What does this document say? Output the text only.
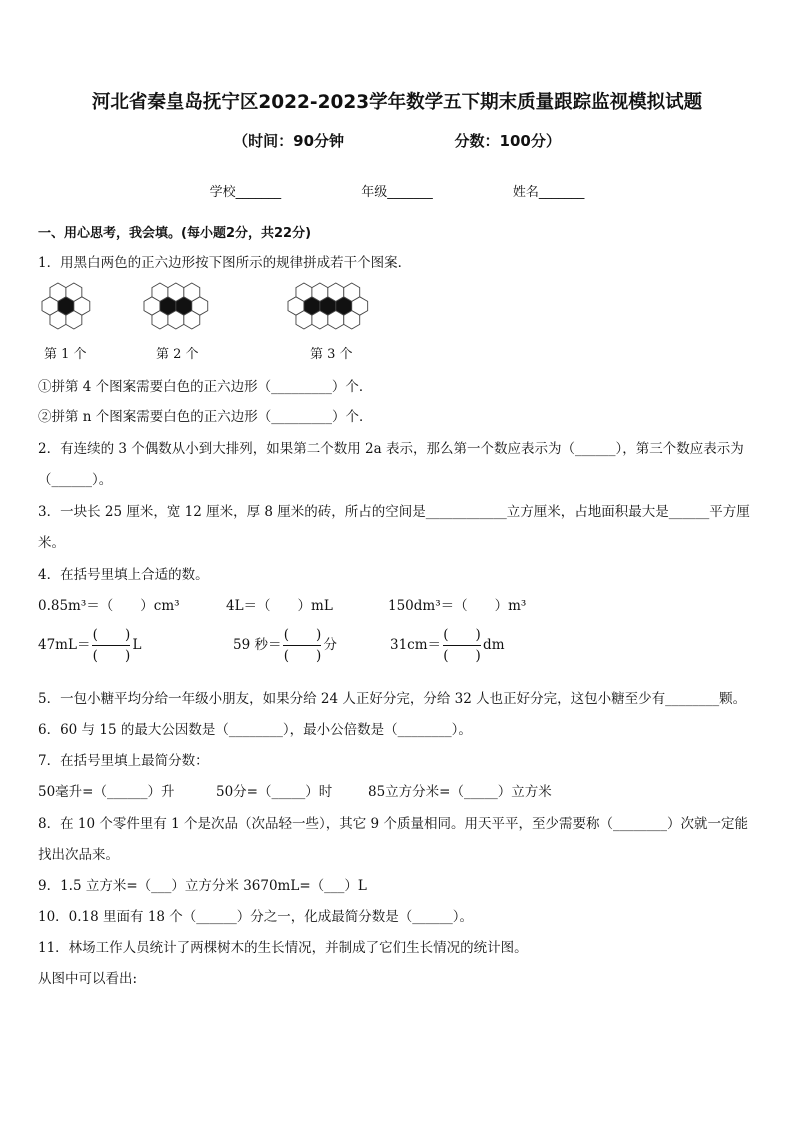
河北省秦皇岛抚宁区2022-2023学年数学五下期末质量跟踪监视模拟试题
（时间：90分钟	分数：100分）
学校_______	年级_______	姓名_______
一、用心思考，我会填。(每小题2分，共22分)
1．用黑白两色的正六边形按下图所示的规律拼成若干个图案．
第 1 个	第 2 个	第 3 个
①拼第 4 个图案需要白色的正六边形（_________）个．
②拼第 n 个图案需要白色的正六边形（_________）个．
2．有连续的 3 个偶数从小到大排列，如果第二个数用 2a 表示，那么第一个数应表示为（______），第三个数应表示为
（______）。
3．一块长 25 厘米，宽 12 厘米，厚 8 厘米的砖，所占的空间是____________立方厘米，占地面积最大是______平方厘
米。
4．在括号里填上合适的数。
0.85m³＝（　　）cm³	4L＝（　　）mL	150dm³＝（　　）m³
47mL＝
(　　)
(　　)
L	59 秒＝
(　　)
(　　)
分	31cm＝
(　　)
(　　)
dm
5．一包小糖平均分给一年级小朋友，如果分给 24 人正好分完，分给 32 人也正好分完，这包小糖至少有________颗。
6．60 与 15 的最大公因数是（________），最小公倍数是（________）。
7．在括号里填上最简分数：
50毫升=（______）升	50分=（_____）时	85立方分米=（_____）立方米
8．在 10 个零件里有 1 个是次品（次品轻一些），其它 9 个质量相同。用天平平，至少需要称（________）次就一定能
找出次品来。
9．1.5 立方米=（___）立方分米 3670mL=（___）L
10．0.18 里面有 18 个（______）分之一，化成最简分数是（______）。
11．林场工作人员统计了两棵树木的生长情况，并制成了它们生长情况的统计图。
从图中可以看出:
